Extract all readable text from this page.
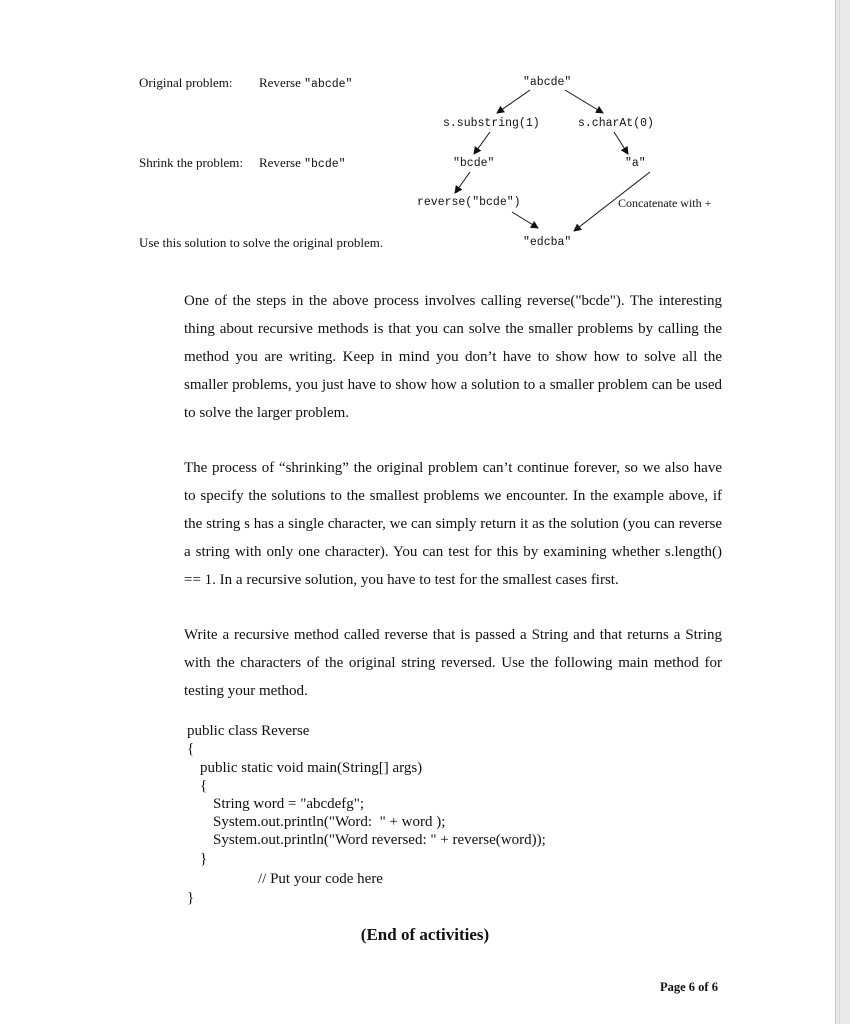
Original problem: Reverse "abcde"
Shrink the problem: Reverse "bcde"
Use this solution to solve the original problem.
"abcde"
s.substring(1)	s.charAt(0)
"bcde"	"a"
reverse("bcde")	Concatenate with +
"edcba"
One of the steps in the above process involves calling reverse("bcde"). The interesting thing about recursive methods is that you can solve the smaller problems by calling the method you are writing. Keep in mind you don’t have to show how to solve all the smaller problems, you just have to show how a solution to a smaller problem can be used to solve the larger problem.
The process of “shrinking” the original problem can’t continue forever, so we also have to specify the solutions to the smallest problems we encounter. In the example above, if the string s has a single character, we can simply return it as the solution (you can reverse a string with only one character). You can test for this by examining whether s.length() == 1. In a recursive solution, you have to test for the smallest cases first.
Write a recursive method called reverse that is passed a String and that returns a String with the characters of the original string reversed. Use the following main method for testing your method.
public class Reverse
{
public static void main(String[] args)
{
String word = "abcdefg";
System.out.println("Word:  " + word );
System.out.println("Word reversed: " + reverse(word));
}
// Put your code here
}
(End of activities)
Page 6 of 6
